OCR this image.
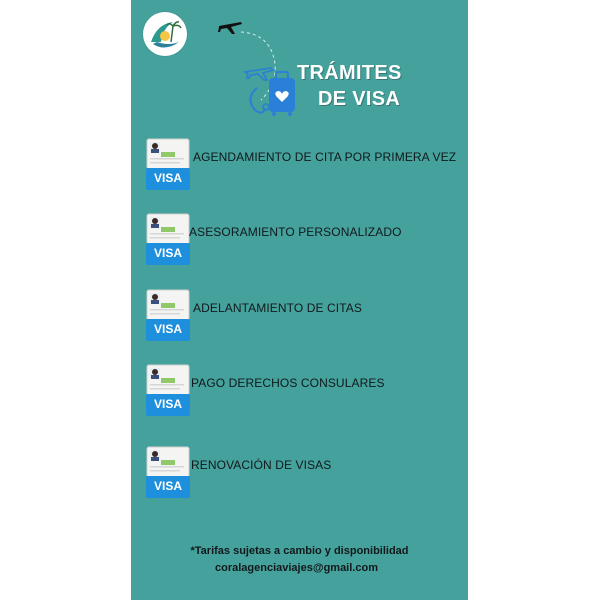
TRÁMITES
DE VISA
VISA
AGENDAMIENTO DE CITA POR PRIMERA VEZ
VISA
ASESORAMIENTO PERSONALIZADO
VISA
ADELANTAMIENTO DE CITAS
VISA
PAGO DERECHOS CONSULARES
VISA
RENOVACIÓN DE VISAS
*Tarifas sujetas a cambio y disponibilidad
coralagenciaviajes@gmail.com
